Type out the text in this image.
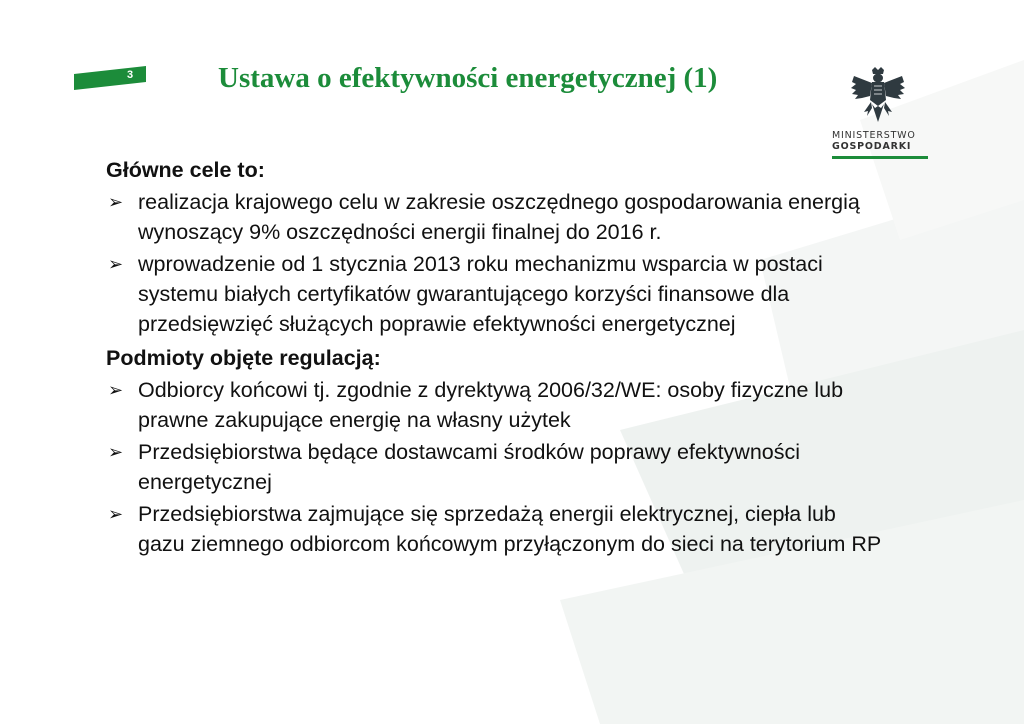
3	Ustawa o efektywności energetycznej (1)
MINISTERSTWO
GOSPODARKI

Główne cele to:

➢ realizacja krajowego celu w zakresie oszczędnego gospodarowania energią wynoszący 9% oszczędności energii finalnej do 2016 r.
➢ wprowadzenie od 1 stycznia 2013 roku mechanizmu wsparcia w postaci systemu białych certyfikatów gwarantującego korzyści finansowe dla przedsięwzięć służących poprawie efektywności energetycznej

Podmioty objęte regulacją:

➢ Odbiorcy końcowi tj. zgodnie z dyrektywą 2006/32/WE: osoby fizyczne lub prawne zakupujące energię na własny użytek
➢ Przedsiębiorstwa będące dostawcami środków poprawy efektywności energetycznej
➢ Przedsiębiorstwa zajmujące się sprzedażą energii elektrycznej, ciepła lub gazu ziemnego odbiorcom końcowym przyłączonym do sieci na terytorium RP
